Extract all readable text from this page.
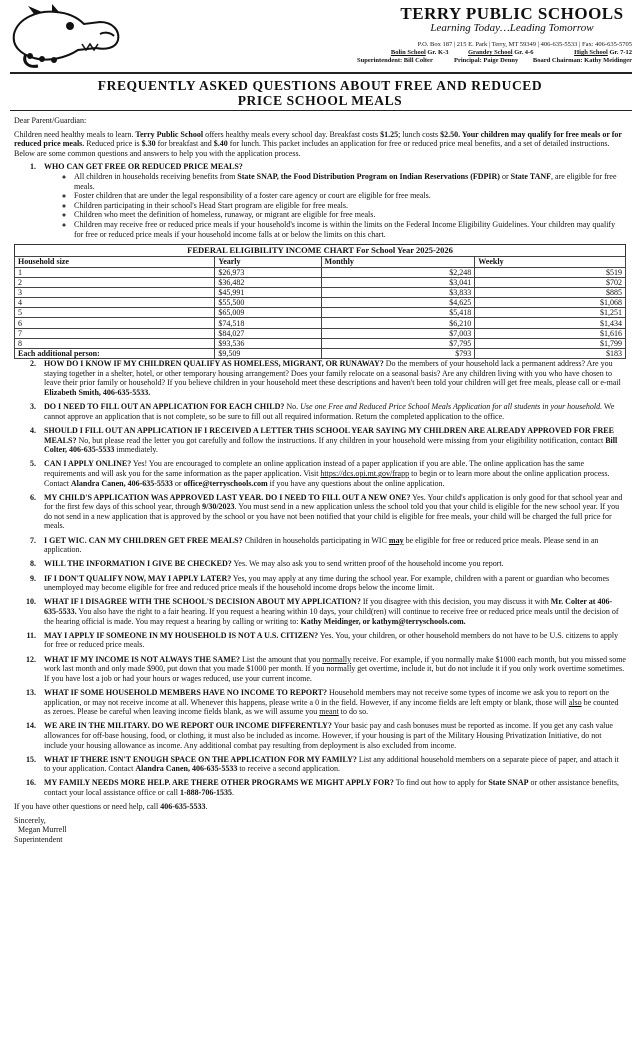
TERRY PUBLIC SCHOOLS
Learning Today…Leading Tomorrow
P.O. Box 187 | 215 E. Park | Terry, MT 59349 | 406-635-5533 | Fax: 406-635-5705
Bolin School Gr. K-3	Grandey School Gr. 4-6	High School Gr. 7-12
Superintendent: Bill Colter	Principal: Paige Denny Board Chairman: Kathy Meidinger
FREQUENTLY ASKED QUESTIONS ABOUT FREE AND REDUCED
PRICE SCHOOL MEALS

Dear Parent/Guardian:

Children need healthy meals to learn. Terry Public School offers healthy meals every school day. Breakfast costs $1.25; lunch costs $2.50. Your children may qualify for free meals or for reduced price meals. Reduced price is $.30 for breakfast and $.40 for lunch. This packet includes an application for free or reduced price meal benefits, and a set of detailed instructions. Below are some common questions and answers to help you with the application process.

1.	WHO CAN GET FREE OR REDUCED PRICE MEALS?
◦ All children in households receiving benefits from State SNAP, the Food Distribution Program on Indian Reservations (FDPIR) or State TANF, are eligible for free meals.
◦ Foster children that are under the legal responsibility of a foster care agency or court are eligible for free meals.
◦ Children participating in their school's Head Start program are eligible for free meals.
◦ Children who meet the definition of homeless, runaway, or migrant are eligible for free meals.
◦ Children may receive free or reduced price meals if your household's income is within the limits on the Federal Income Eligibility Guidelines. Your children may qualify for free or reduced price meals if your household income falls at or below the limits on this chart.
FEDERAL ELIGIBILITY INCOME CHART For School Year 2025-2026
Household size	Yearly	Monthly	Weekly
1	$26,973	$2,248	$519
2	$36,482	$3,041	$702
3	$45,991	$3,833	$885
4	$55,500	$4,625	$1,068
5	$65,009	$5,418	$1,251
6	$74,518	$6,210	$1,434
7	$84,027	$7,003	$1,616
8	$93,536	$7,795	$1,799
Each additional person:	$9,509	$793	$183
2.	HOW DO I KNOW IF MY CHILDREN QUALIFY AS HOMELESS, MIGRANT, OR RUNAWAY? Do the members of your household lack a permanent address? Are you staying together in a shelter, hotel, or other temporary housing arrangement? Does your family relocate on a seasonal basis? Are any children living with you who have chosen to leave their prior family or household? If you believe children in your household meet these descriptions and haven't been told your children will get free meals, please call or e-mail Elizabeth Smith, 406-635-5533.
3.	DO I NEED TO FILL OUT AN APPLICATION FOR EACH CHILD? No. Use one Free and Reduced Price School Meals Application for all students in your household. We cannot approve an application that is not complete, so be sure to fill out all required information. Return the completed application to the office.
4.	SHOULD I FILL OUT AN APPLICATION IF I RECEIVED A LETTER THIS SCHOOL YEAR SAYING MY CHILDREN ARE ALREADY APPROVED FOR FREE MEALS? No, but please read the letter you got carefully and follow the instructions. If any children in your household were missing from your eligibility notification, contact Bill Colter, 406-635-5533 immediately.
5.	CAN I APPLY ONLINE? Yes! You are encouraged to complete an online application instead of a paper application if you are able. The online application has the same requirements and will ask you for the same information as the paper application. Visit https://dcs.opi.mt.gov/frapp to begin or to learn more about the online application process. Contact Alandra Canen, 406-635-5533 or office@terryschools.com if you have any questions about the online application.
6.	MY CHILD'S APPLICATION WAS APPROVED LAST YEAR. DO I NEED TO FILL OUT A NEW ONE? Yes. Your child's application is only good for that school year and for the first few days of this school year, through 9/30/2023. You must send in a new application unless the school told you that your child is eligible for the new school year. If you do not send in a new application that is approved by the school or you have not been notified that your child is eligible for free meals, your child will be charged the full price for meals.
7.	I GET WIC. CAN MY CHILDREN GET FREE MEALS? Children in households participating in WIC may be eligible for free or reduced price meals. Please send in an application.
8.	WILL THE INFORMATION I GIVE BE CHECKED? Yes. We may also ask you to send written proof of the household income you report.
9.	IF I DON'T QUALIFY NOW, MAY I APPLY LATER? Yes, you may apply at any time during the school year. For example, children with a parent or guardian who becomes unemployed may become eligible for free and reduced price meals if the household income drops below the income limit.
10.	WHAT IF I DISAGREE WITH THE SCHOOL'S DECISION ABOUT MY APPLICATION? If you disagree with this decision, you may discuss it with Mr. Colter at 406-635-5533. You also have the right to a fair hearing. If you request a hearing within 10 days, your child(ren) will continue to receive free or reduced price meals until the decision of the hearing official is made. You may request a hearing by calling or writing to: Kathy Meidinger, or kathym@terryschools.com.
11.	MAY I APPLY IF SOMEONE IN MY HOUSEHOLD IS NOT A U.S. CITIZEN? Yes. You, your children, or other household members do not have to be U.S. citizens to apply for free or reduced price meals.
12.	WHAT IF MY INCOME IS NOT ALWAYS THE SAME? List the amount that you normally receive. For example, if you normally make $1000 each month, but you missed some work last month and only made $900, put down that you made $1000 per month. If you normally get overtime, include it, but do not include it if you only work overtime sometimes. If you have lost a job or had your hours or wages reduced, use your current income.
13.	WHAT IF SOME HOUSEHOLD MEMBERS HAVE NO INCOME TO REPORT? Household members may not receive some types of income we ask you to report on the application, or may not receive income at all. Whenever this happens, please write a 0 in the field. However, if any income fields are left empty or blank, those will also be counted as zeroes. Please be careful when leaving income fields blank, as we will assume you meant to do so.
14.	WE ARE IN THE MILITARY. DO WE REPORT OUR INCOME DIFFERENTLY? Your basic pay and cash bonuses must be reported as income. If you get any cash value allowances for off-base housing, food, or clothing, it must also be included as income. However, if your housing is part of the Military Housing Privatization Initiative, do not include your housing allowance as income. Any additional combat pay resulting from deployment is also excluded from income.
15.	WHAT IF THERE ISN'T ENOUGH SPACE ON THE APPLICATION FOR MY FAMILY? List any additional household members on a separate piece of paper, and attach it to your application. Contact Alandra Canen, 406-635-5533 to receive a second application.
16.	MY FAMILY NEEDS MORE HELP. ARE THERE OTHER PROGRAMS WE MIGHT APPLY FOR? To find out how to apply for State SNAP or other assistance benefits, contact your local assistance office or call 1-888-706-1535.

If you have other questions or need help, call 406-635-5533.

Sincerely,
Megan Murrell
Superintendent
